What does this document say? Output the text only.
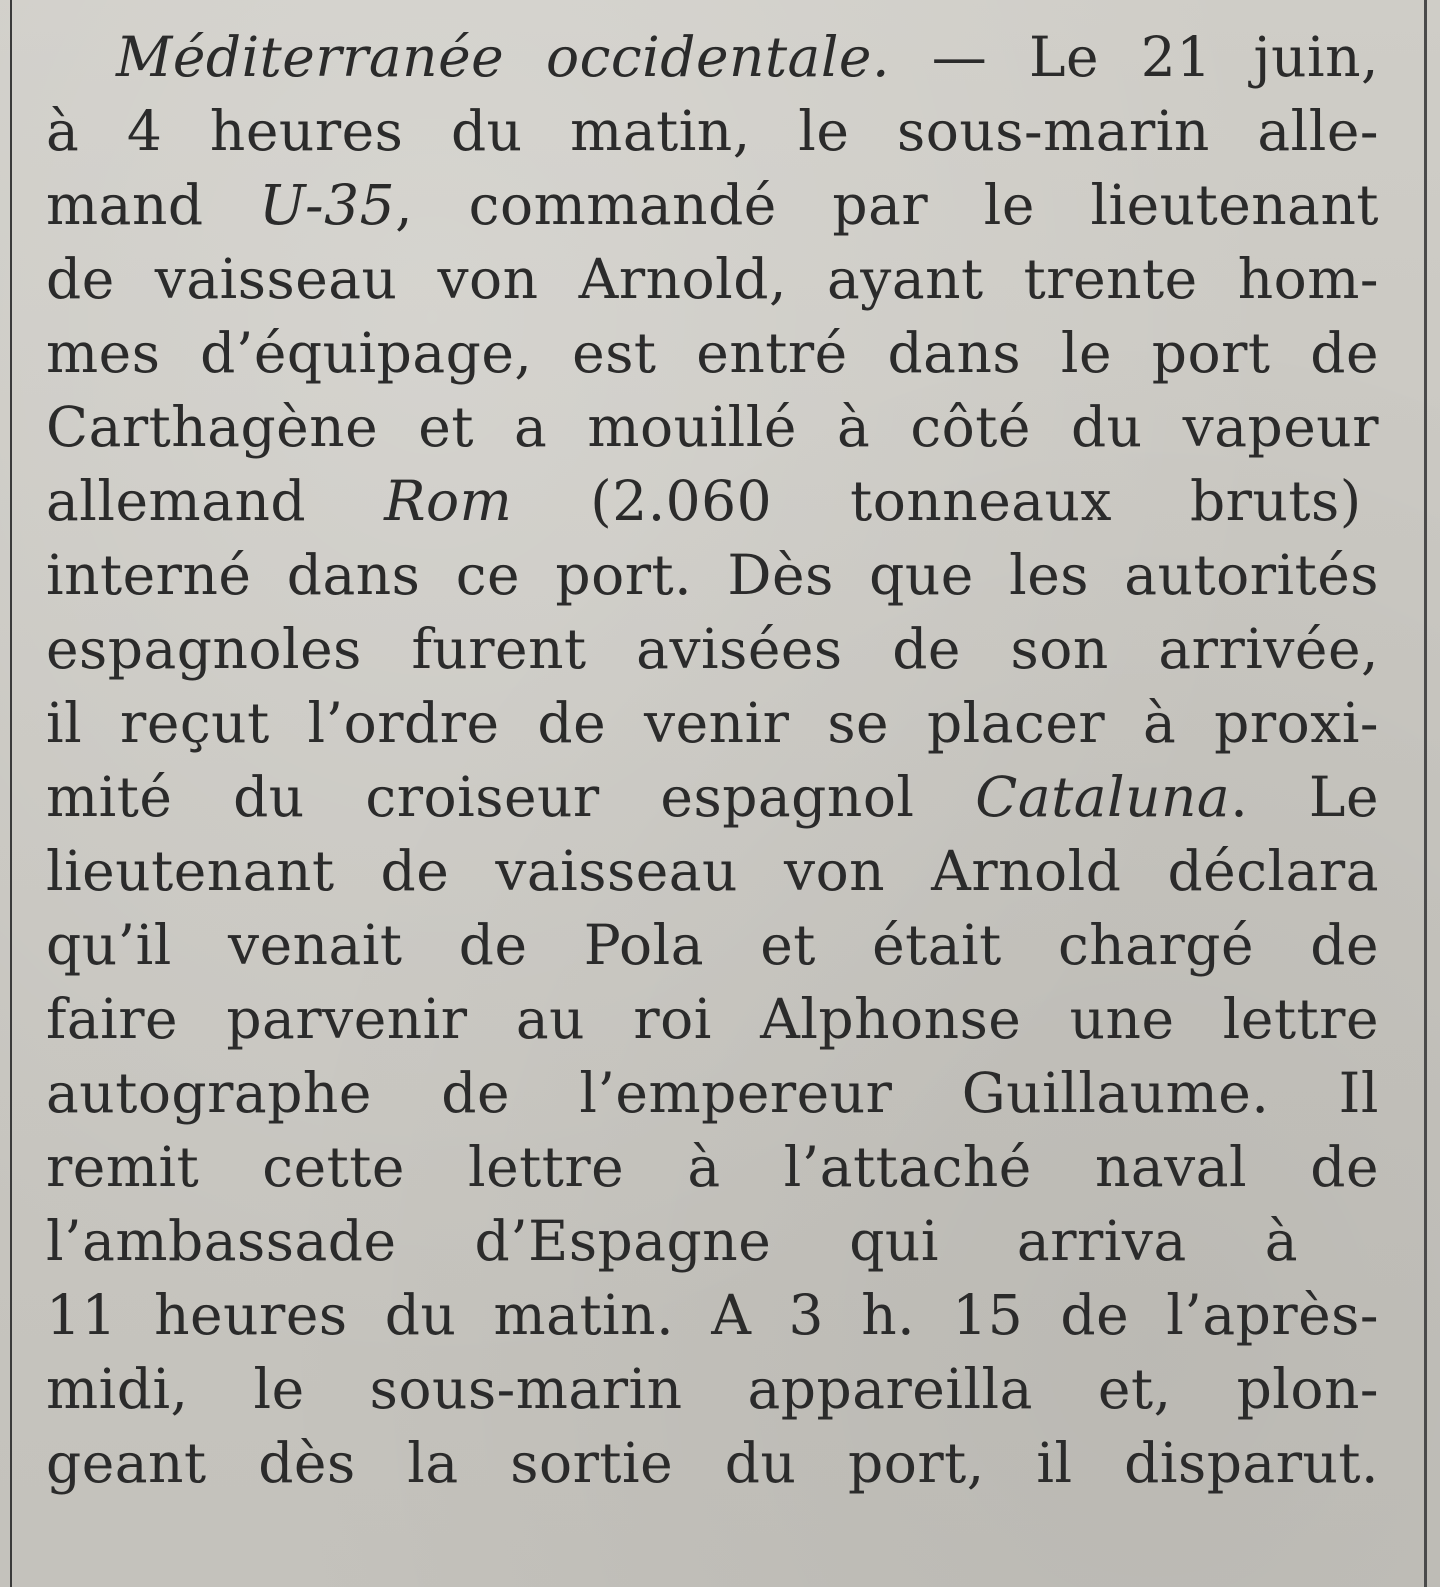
Méditerranée occidentale. — Le 21 juin,
à 4 heures du matin, le sous-marin alle-
mand U-35, commandé par le lieutenant
de vaisseau von Arnold, ayant trente hom-
mes d’équipage, est entré dans le port de
Carthagène et a mouillé à côté du vapeur
allemand Rom (2.060 tonneaux bruts)
interné dans ce port. Dès que les autorités
espagnoles furent avisées de son arrivée,
il reçut l’ordre de venir se placer à proxi-
mité du croiseur espagnol Cataluna. Le
lieutenant de vaisseau von Arnold déclara
qu’il venait de Pola et était chargé de
faire parvenir au roi Alphonse une lettre
autographe de l’empereur Guillaume. Il
remit cette lettre à l’attaché naval de
l’ambassade d’Espagne qui arriva à
11 heures du matin. A 3 h. 15 de l’après-
midi, le sous-marin appareilla et, plon-
geant dès la sortie du port, il disparut.
